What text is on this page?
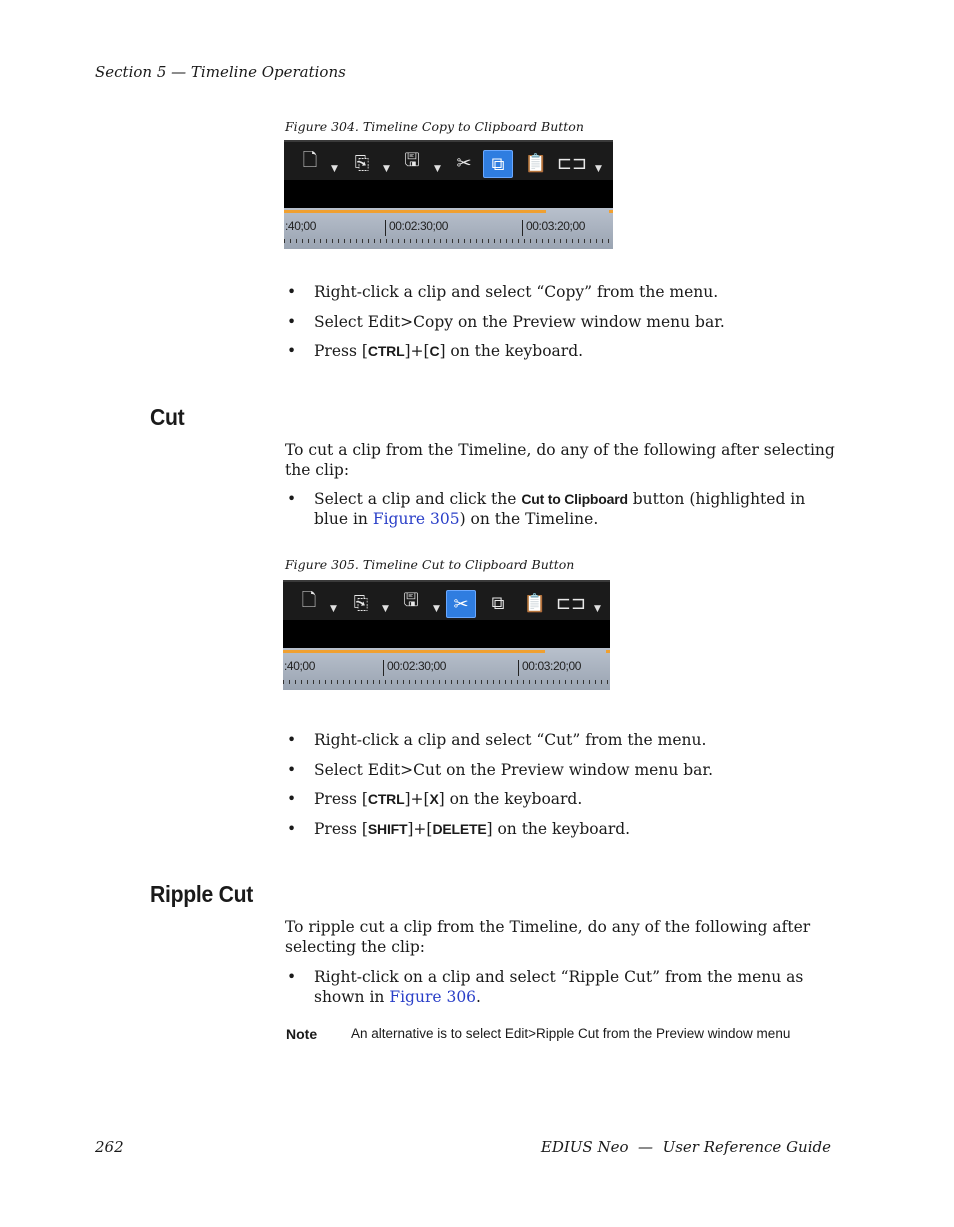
Section 5 — Timeline Operations
Figure 304. Timeline Copy to Clipboard Button
🗋	▼ ⎘	▼ 🖫	▼ ✂	⧉	📋 ⊏⊐ ▼
:40;00	00:02:30;00	00:03:20;00
• Right-click a clip and select “Copy” from the menu.
• Select Edit>Copy on the Preview window menu bar.
• Press [CTRL]+[C] on the keyboard.
Cut
To cut a clip from the Timeline, do any of the following after selecting the clip:
• Select a clip and click the Cut to Clipboard button (highlighted in blue in Figure 305) on the Timeline.
Figure 305. Timeline Cut to Clipboard Button
🗋	▼ ⎘	▼ 🖫	▼ ✂	⧉	📋 ⊏⊐ ▼
:40;00	00:02:30;00	00:03:20;00
• Right-click a clip and select “Cut” from the menu.
• Select Edit>Cut on the Preview window menu bar.
• Press [CTRL]+[X] on the keyboard.
• Press [SHIFT]+[DELETE] on the keyboard.
Ripple Cut
To ripple cut a clip from the Timeline, do any of the following after selecting the clip:
• Right-click on a clip and select “Ripple Cut” from the menu as shown in Figure 306.
Note	An alternative is to select Edit>Ripple Cut from the Preview window menu
262	EDIUS Neo  —  User Reference Guide
